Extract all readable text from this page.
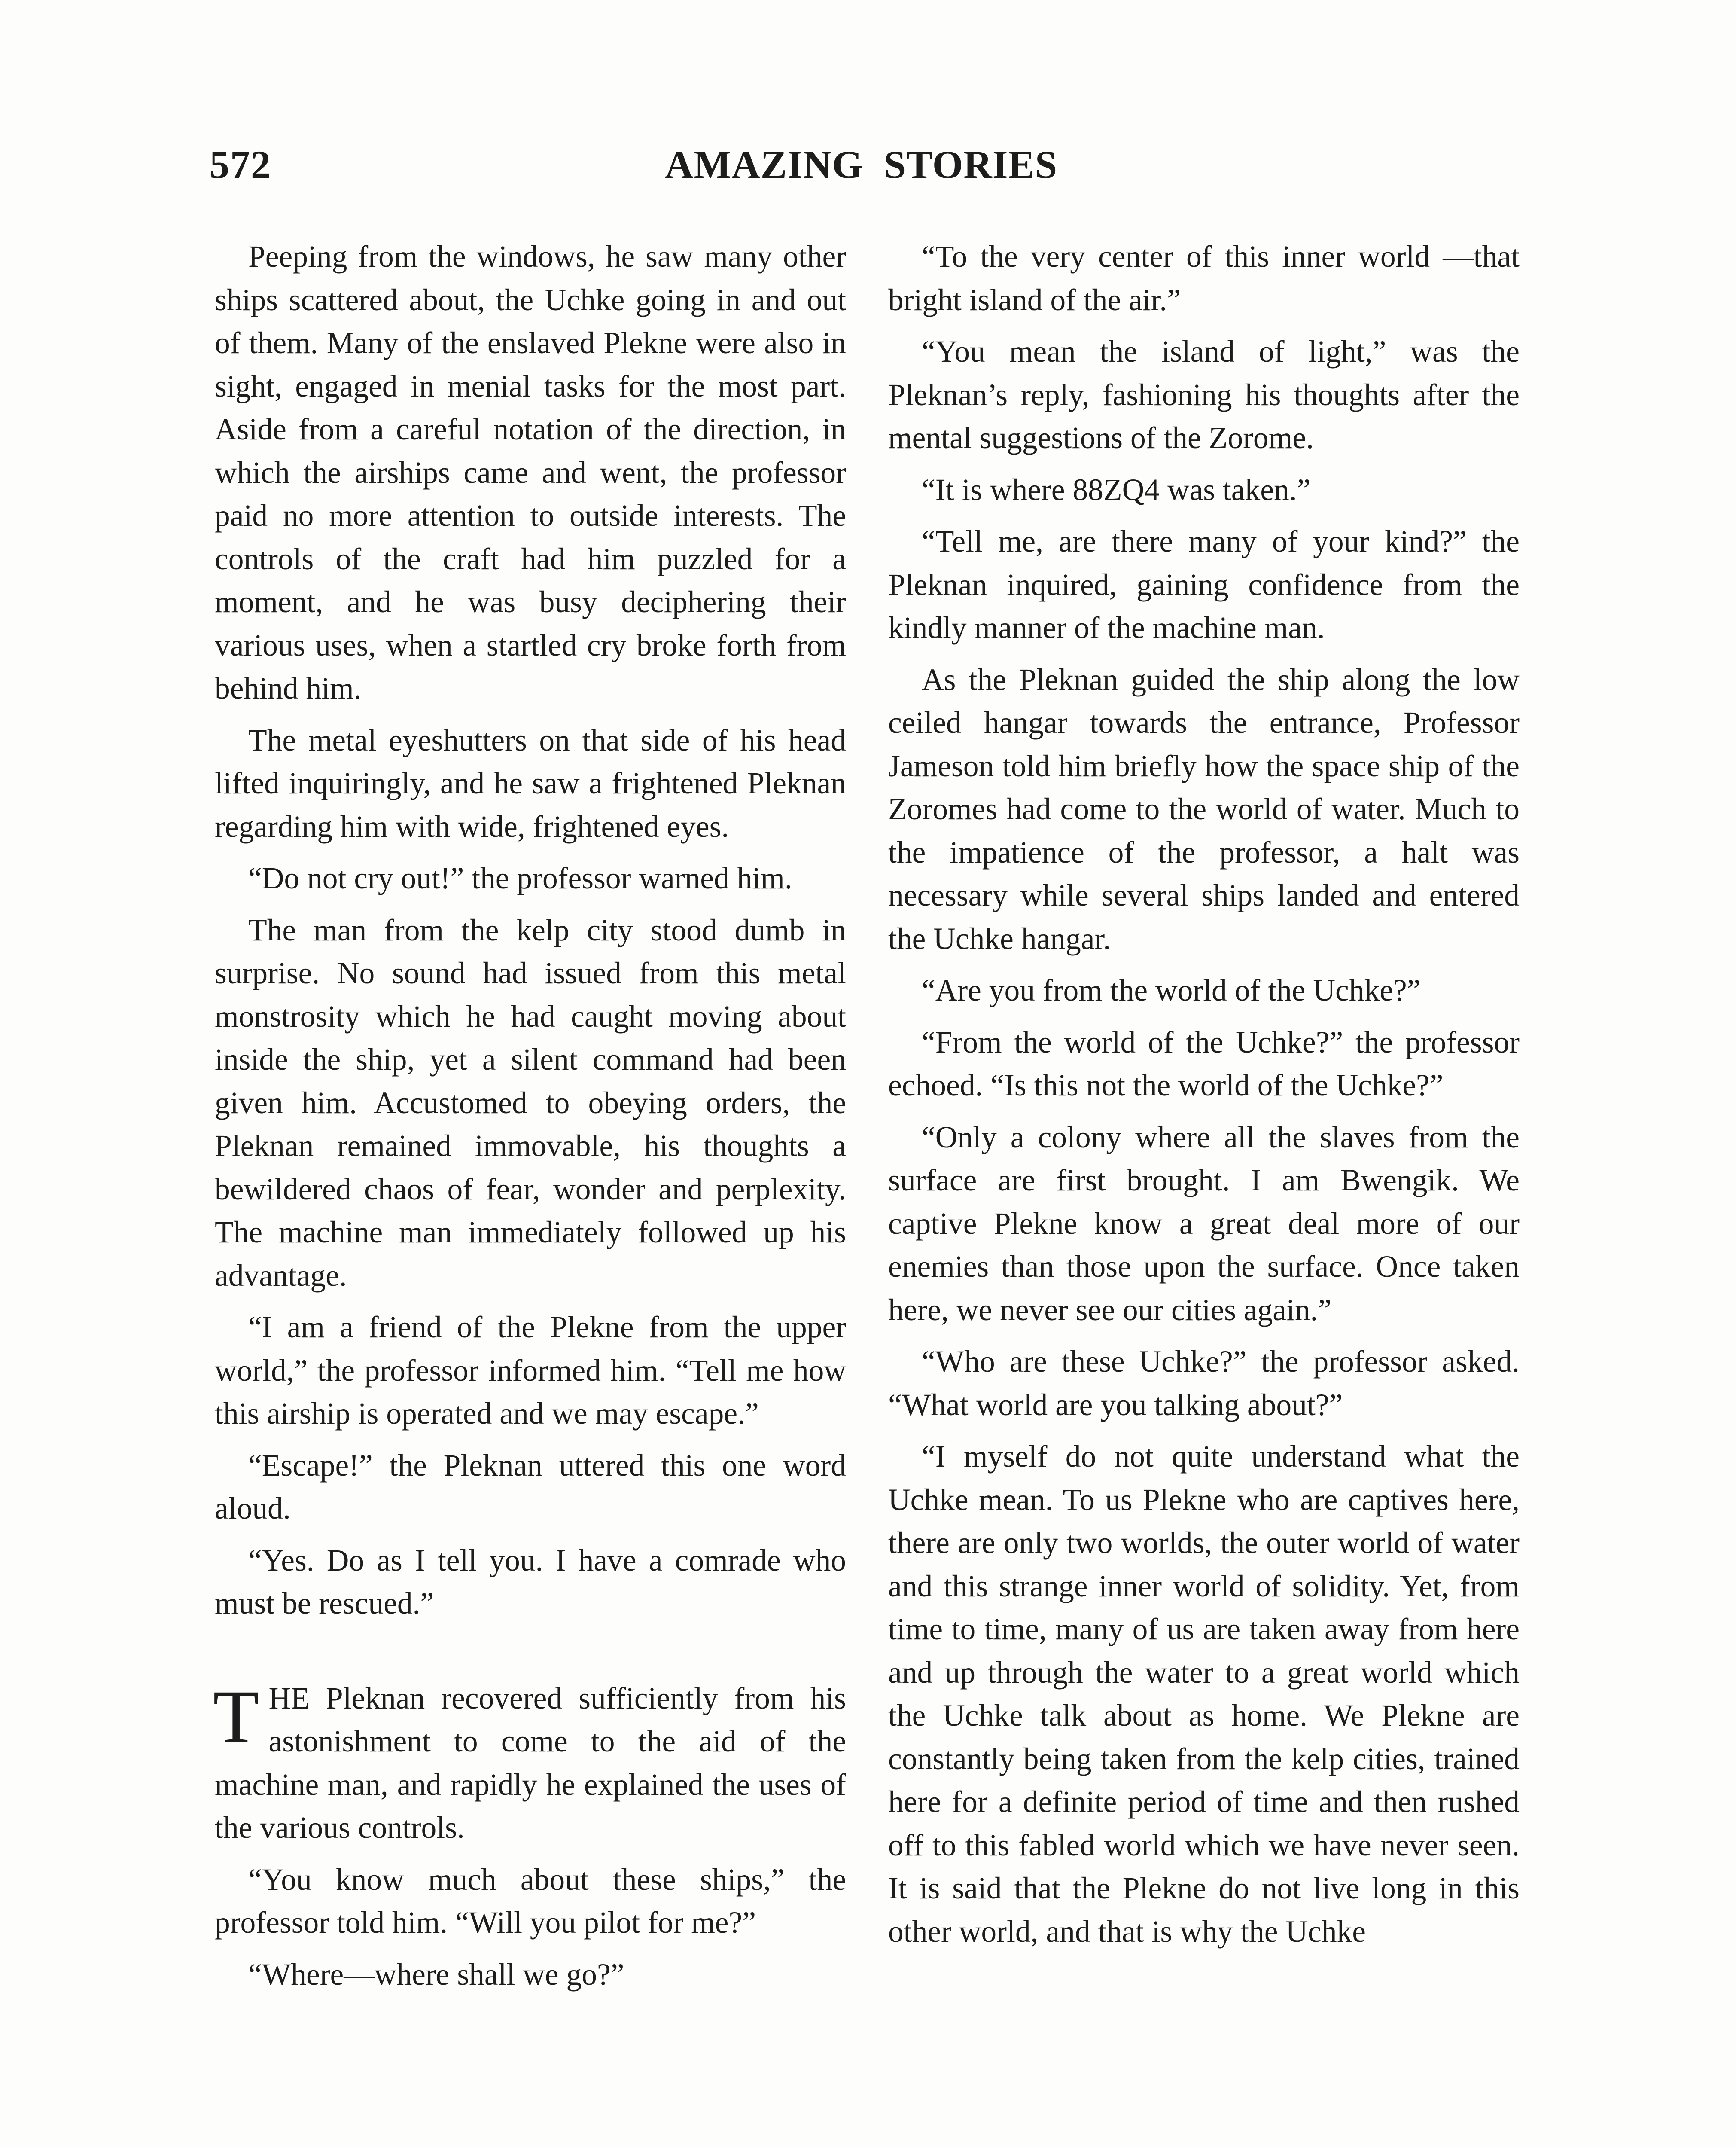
572	AMAZING  STORIES

Peeping from the windows, he saw many other ships scattered about, the Uchke going in and out of them. Many of the enslaved Plekne were also in sight, engaged in menial tasks for the most part. Aside from a careful notation of the direction, in which the airships came and went, the professor paid no more attention to outside interests. The controls of the craft had him puzzled for a moment, and he was busy deciphering their various uses, when a startled cry broke forth from behind him.

The metal eyeshutters on that side of his head lifted inquiringly, and he saw a frightened Pleknan regarding him with wide, frightened eyes.

“Do not cry out!” the professor warned him.

The man from the kelp city stood dumb in surprise. No sound had issued from this metal monstrosity which he had caught moving about inside the ship, yet a silent command had been given him. Accustomed to obeying orders, the Pleknan remained immovable, his thoughts a bewildered chaos of fear, wonder and perplexity. The machine man immediately followed up his advantage.

“I am a friend of the Plekne from the upper world,” the professor informed him. “Tell me how this airship is operated and we may escape.”

“Escape!” the Pleknan uttered this one word aloud.

“Yes. Do as I tell you. I have a comrade who must be rescued.”

THE Pleknan recovered sufficiently from his astonishment to come to the aid of the machine man, and rapidly he explained the uses of the various controls.

“You know much about these ships,” the professor told him. “Will you pilot for me?”

“Where—where shall we go?”

“To the very center of this inner world —that bright island of the air.”

“You mean the island of light,” was the Pleknan’s reply, fashioning his thoughts after the mental suggestions of the Zorome.

“It is where 88ZQ4 was taken.”

“Tell me, are there many of your kind?” the Pleknan inquired, gaining confidence from the kindly manner of the machine man.

As the Pleknan guided the ship along the low ceiled hangar towards the entrance, Professor Jameson told him briefly how the space ship of the Zoromes had come to the world of water. Much to the impatience of the professor, a halt was necessary while several ships landed and entered the Uchke hangar.

“Are you from the world of the Uchke?”

“From the world of the Uchke?” the professor echoed. “Is this not the world of the Uchke?”

“Only a colony where all the slaves from the surface are first brought. I am Bwengik. We captive Plekne know a great deal more of our enemies than those upon the surface. Once taken here, we never see our cities again.”

“Who are these Uchke?” the professor asked. “What world are you talking about?”

“I myself do not quite understand what the Uchke mean. To us Plekne who are captives here, there are only two worlds, the outer world of water and this strange inner world of solidity. Yet, from time to time, many of us are taken away from here and up through the water to a great world which the Uchke talk about as home. We Plekne are constantly being taken from the kelp cities, trained here for a definite period of time and then rushed off to this fabled world which we have never seen. It is said that the Plekne do not live long in this other world, and that is why the Uchke
